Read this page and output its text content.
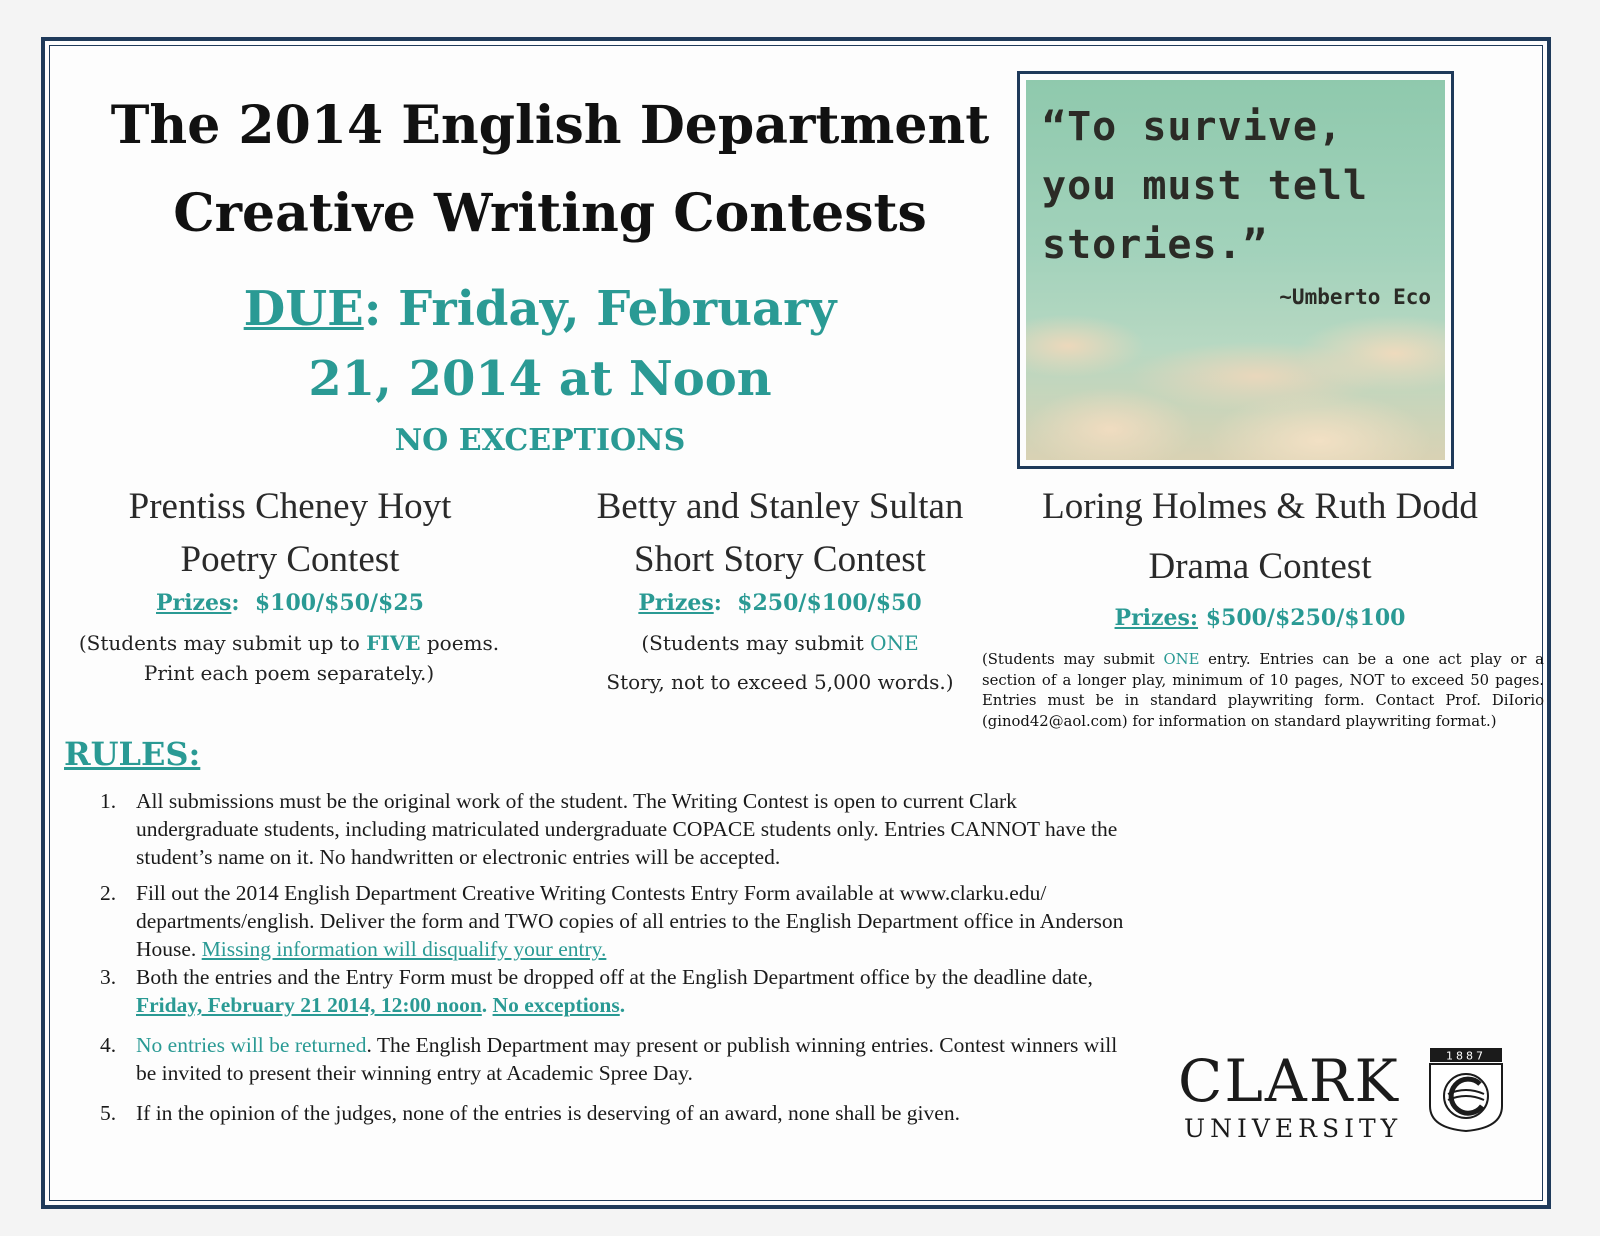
The 2014 English Department
Creative Writing Contests
DUE: Friday, February
21, 2014 at Noon
NO EXCEPTIONS
“To survive,
you must tell
stories.”
~Umberto Eco
Prentiss Cheney Hoyt
Poetry Contest
Prizes:  $100/$50/$25
(Students may submit up to FIVE poems.
Print each poem separately.)
Betty and Stanley Sultan
Short Story Contest
Prizes:  $250/$100/$50
(Students may submit ONE
Story, not to exceed 5,000 words.)
Loring Holmes & Ruth Dodd
Drama Contest
Prizes: $500/$250/$100
(Students may submit ONE entry. Entries can be a one act play or a section of a longer play, minimum of 10 pages, NOT to exceed 50 pages. Entries must be in standard playwriting form. Contact Prof. DiIorio (ginod42@aol.com) for information on standard playwriting format.)
RULES:
1. All submissions must be the original work of the student. The Writing Contest is open to current Clark undergraduate students, including matriculated undergraduate COPACE students only. Entries CANNOT have the student’s name on it. No handwritten or electronic entries will be accepted.
2. Fill out the 2014 English Department Creative Writing Contests Entry Form available at www.clarku.edu/ departments/english. Deliver the form and TWO copies of all entries to the English Department office in Anderson House. Missing information will disqualify your entry.
3. Both the entries and the Entry Form must be dropped off at the English Department office by the deadline date, Friday, February 21 2014, 12:00 noon. No exceptions.
4. No entries will be returned. The English Department may present or publish winning entries. Contest winners will be invited to present their winning entry at Academic Spree Day.
5. If in the opinion of the judges, none of the entries is deserving of an award, none shall be given.	CLARK
UNIVERSITY
1887
